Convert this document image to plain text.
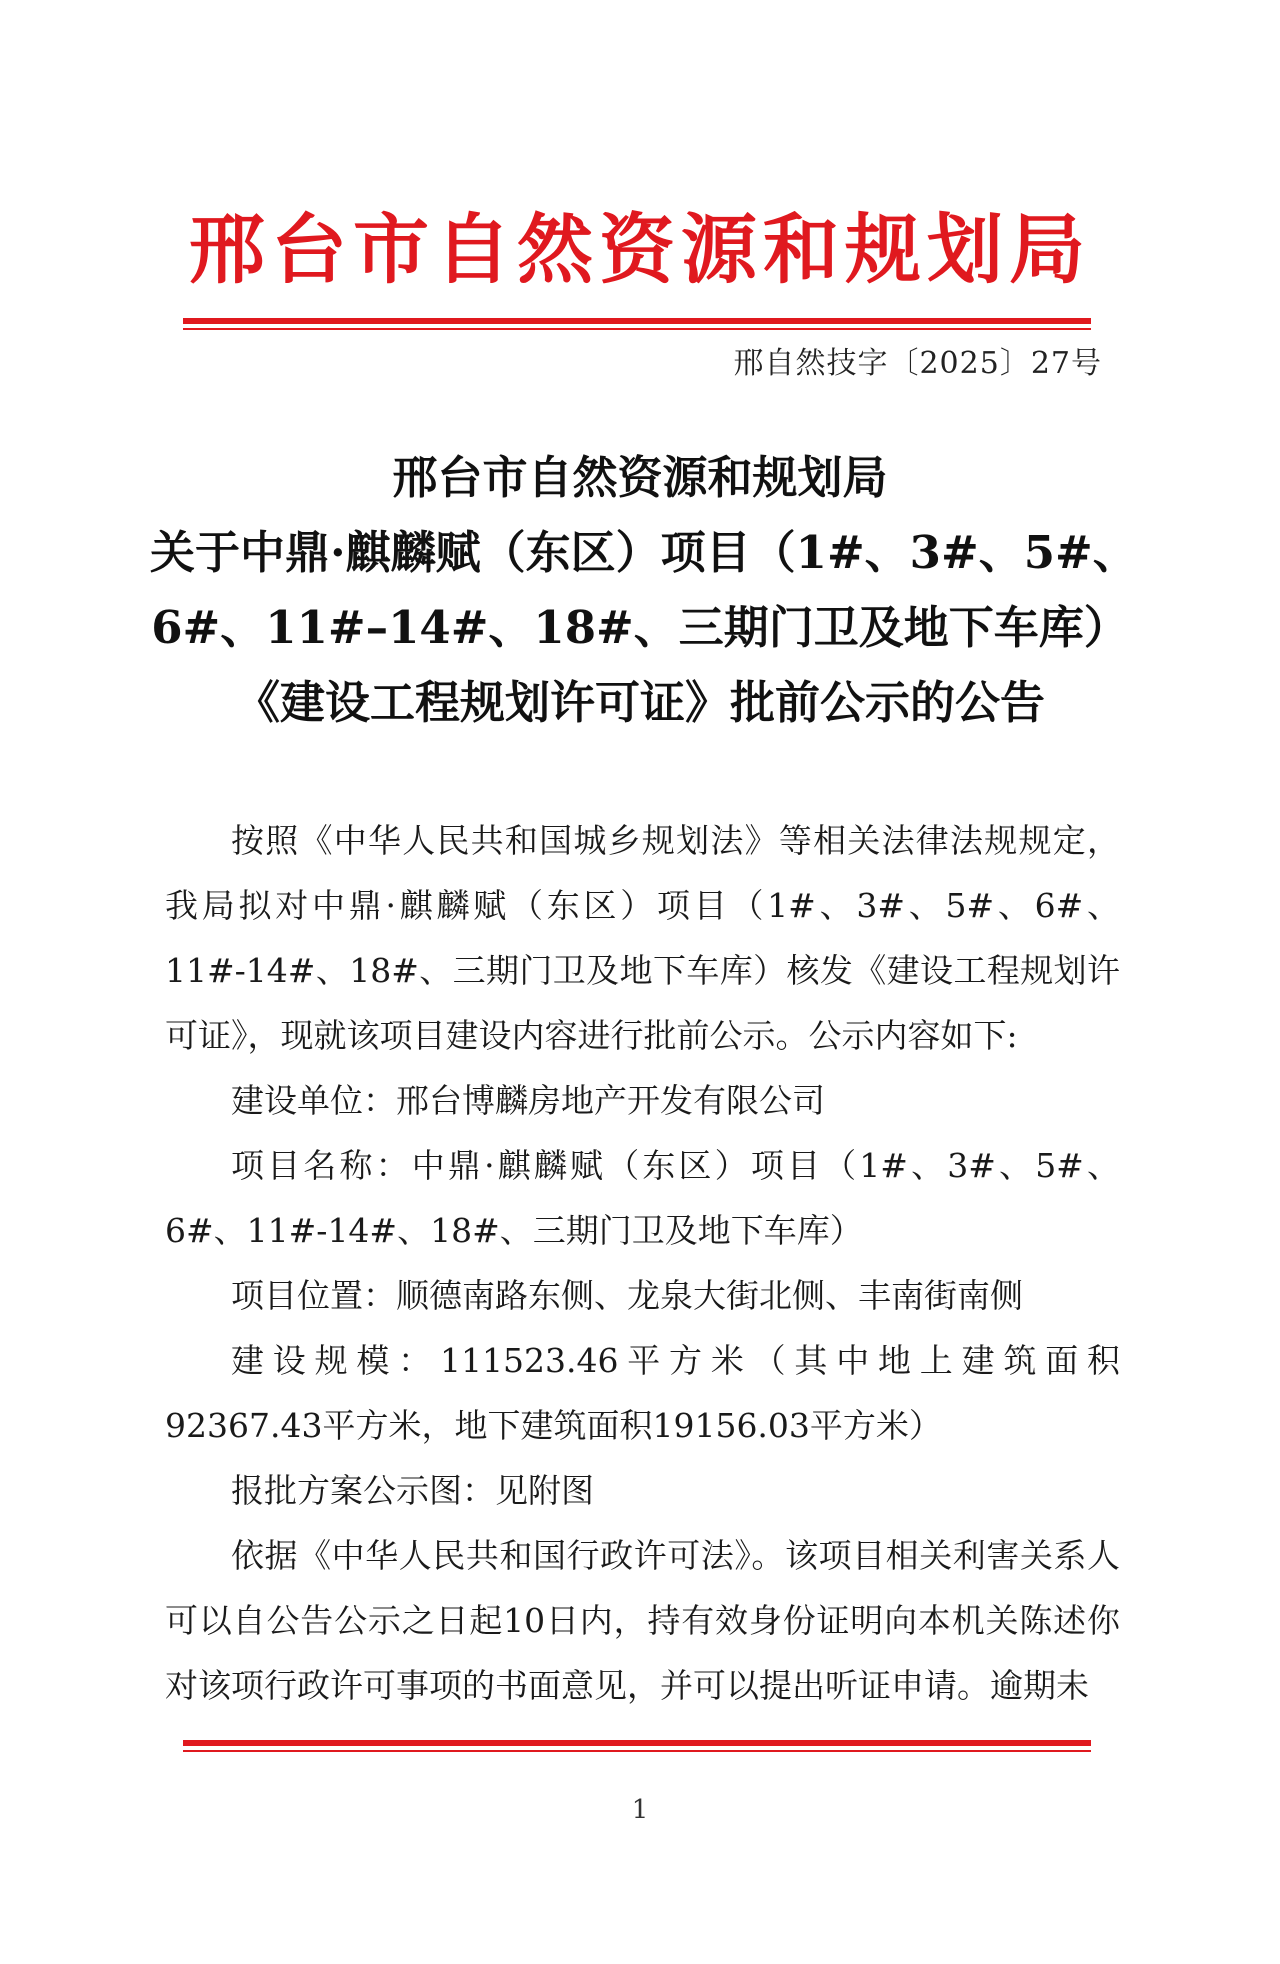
邢台市自然资源和规划局
邢自然技字〔2025〕27号
邢台市自然资源和规划局
关于中鼎·麒麟赋（东区）项目（1#、3#、5#、
6#、11#–14#、18#、三期门卫及地下车库）
《建设工程规划许可证》批前公示的公告

按照《中华人民共和国城乡规划法》等相关法律法规规定，我局拟对中鼎·麒麟赋（东区）项目（1#、3#、5#、6#、11#-14#、18#、三期门卫及地下车库）核发《建设工程规划许可证》，现就该项目建设内容进行批前公示。公示内容如下:

建设单位：邢台博麟房地产开发有限公司

项目名称：中鼎·麒麟赋（东区）项目（1#、3#、5#、6#、11#-14#、18#、三期门卫及地下车库）

项目位置：顺德南路东侧、龙泉大街北侧、丰南街南侧

建设规模：111523.46平方米（其中地上建筑面积92367.43平方米，地下建筑面积19156.03平方米）

报批方案公示图：见附图

依据《中华人民共和国行政许可法》。该项目相关利害关系人可以自公告公示之日起10日内，持有效身份证明向本机关陈述你对该项行政许可事项的书面意见，并可以提出听证申请。逾期未

1
